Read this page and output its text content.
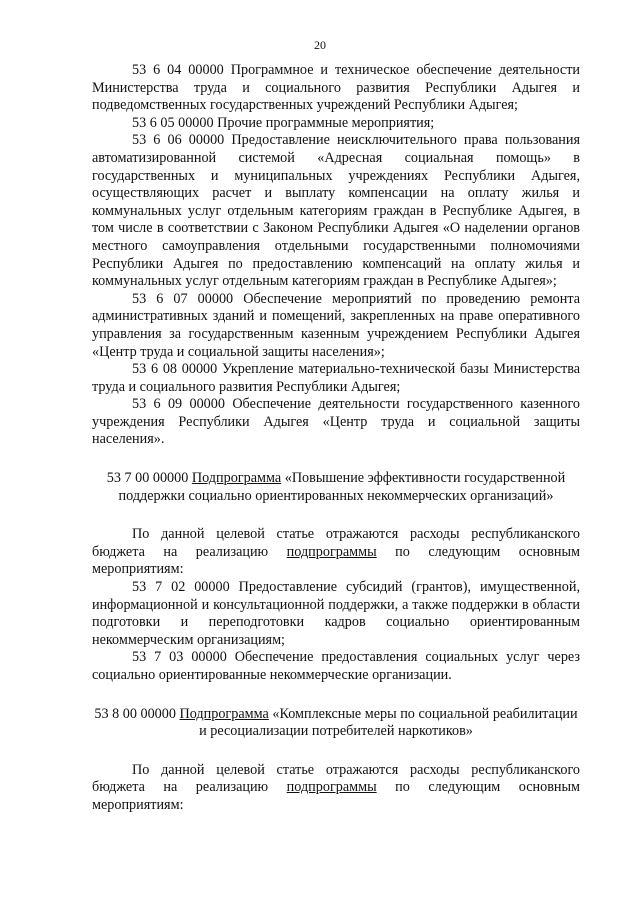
20

53 6 04 00000 Программное и техническое обеспечение деятельности Министерства труда и социального развития Республики Адыгея и подведомственных государственных учреждений Республики Адыгея;

53 6 05 00000 Прочие программные мероприятия;

53 6 06 00000 Предоставление неисключительного права пользования автоматизированной системой «Адресная социальная помощь» в государственных и муниципальных учреждениях Республики Адыгея, осуществляющих расчет и выплату компенсации на оплату жилья и коммунальных услуг отдельным категориям граждан в Республике Адыгея, в том числе в соответствии с Законом Республики Адыгея «О наделении органов местного самоуправления отдельными государственными полномочиями Республики Адыгея по предоставлению компенсаций на оплату жилья и коммунальных услуг отдельным категориям граждан в Республике Адыгея»;

53 6 07 00000 Обеспечение мероприятий по проведению ремонта административных зданий и помещений, закрепленных на праве оперативного управления за государственным казенным учреждением Республики Адыгея «Центр труда и социальной защиты населения»;

53 6 08 00000 Укрепление материально-технической базы Министерства труда и социального развития Республики Адыгея;

53 6 09 00000 Обеспечение деятельности государственного казенного учреждения Республики Адыгея «Центр труда и социальной защиты населения».

53 7 00 00000 Подпрограмма «Повышение эффективности государственной поддержки социально ориентированных некоммерческих организаций»

По данной целевой статье отражаются расходы республиканского бюджета на реализацию подпрограммы по следующим основным мероприятиям:

53 7 02 00000 Предоставление субсидий (грантов), имущественной, информационной и консультационной поддержки, а также поддержки в области подготовки и переподготовки кадров социально ориентированным некоммерческим организациям;

53 7 03 00000 Обеспечение предоставления социальных услуг через социально ориентированные некоммерческие организации.

53 8 00 00000 Подпрограмма «Комплексные меры по социальной реабилитации и ресоциализации потребителей наркотиков»

По данной целевой статье отражаются расходы республиканского бюджета на реализацию подпрограммы по следующим основным мероприятиям:
